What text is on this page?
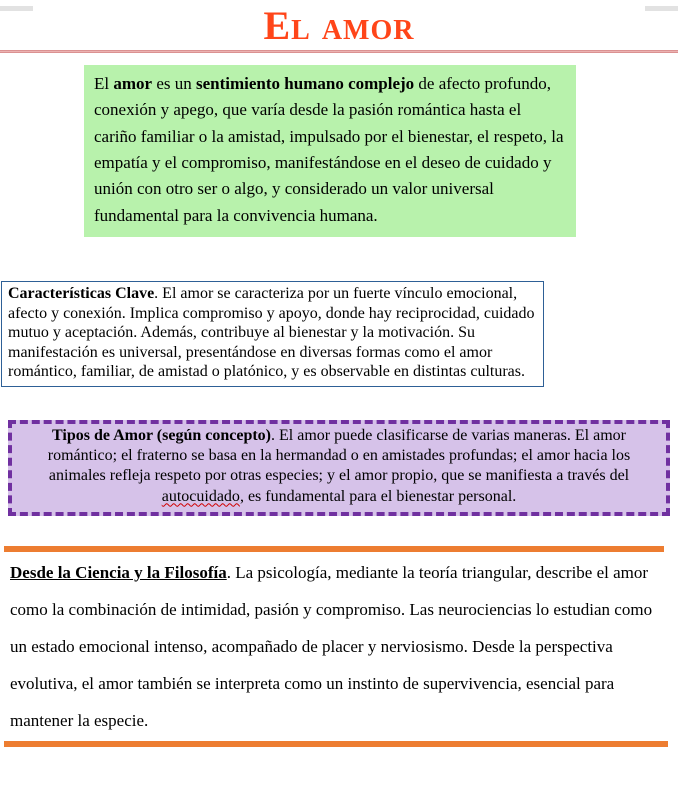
El amor

El amor es un sentimiento humano complejo de afecto profundo, conexión y apego, que varía desde la pasión romántica hasta el cariño familiar o la amistad, impulsado por el bienestar, el respeto, la empatía y el compromiso, manifestándose en el deseo de cuidado y unión con otro ser o algo, y considerado un valor universal fundamental para la convivencia humana.

Características Clave. El amor se caracteriza por un fuerte vínculo emocional, afecto y conexión. Implica compromiso y apoyo, donde hay reciprocidad, cuidado mutuo y aceptación. Además, contribuye al bienestar y la motivación. Su manifestación es universal, presentándose en diversas formas como el amor romántico, familiar, de amistad o platónico, y es observable en distintas culturas.
Tipos de Amor (según concepto). El amor puede clasificarse de varias maneras. El amor romántico; el fraterno se basa en la hermandad o en amistades profundas; el amor hacia los animales refleja respeto por otras especies; y el amor propio, que se manifiesta a través del autocuidado, es fundamental para el bienestar personal.

Desde la Ciencia y la Filosofía. La psicología, mediante la teoría triangular, describe el amor como la combinación de intimidad, pasión y compromiso. Las neurociencias lo estudian como un estado emocional intenso, acompañado de placer y nerviosismo. Desde la perspectiva evolutiva, el amor también se interpreta como un instinto de supervivencia, esencial para mantener la especie.
